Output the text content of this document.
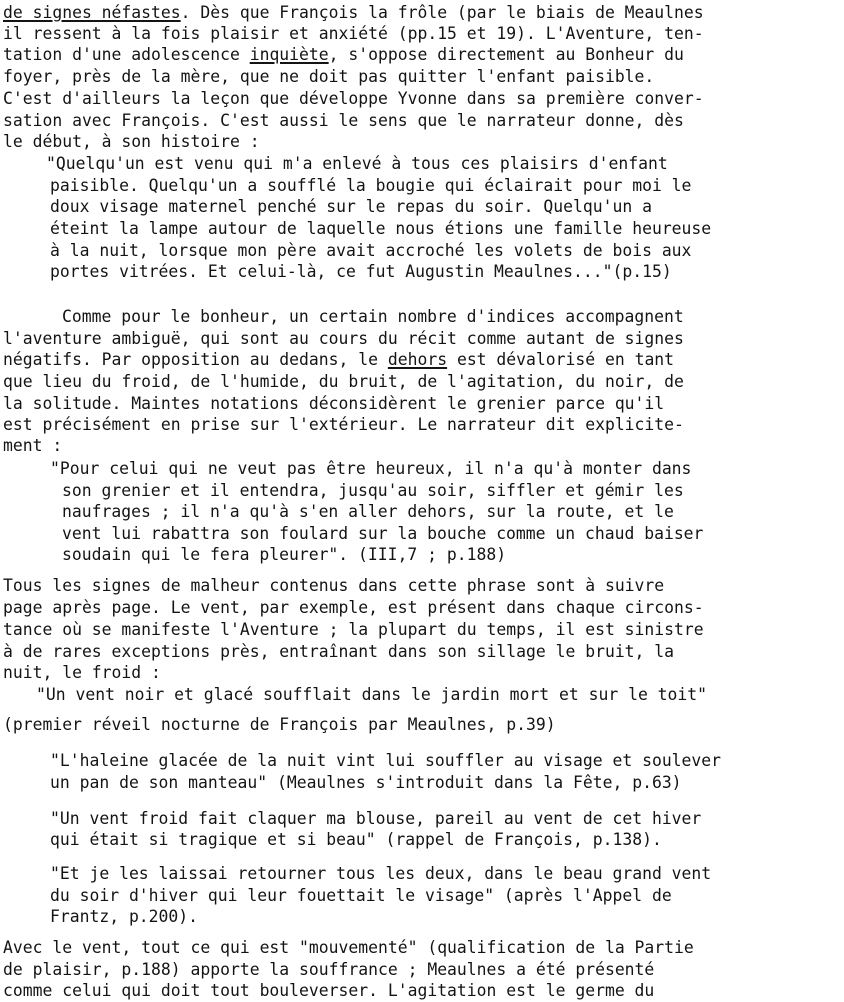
de signes néfastes. Dès que François la frôle (par le biais de Meaulnes
il ressent à la fois plaisir et anxiété (pp.15 et 19). L'Aventure, ten-
tation d'une adolescence inquiète, s'oppose directement au Bonheur du
foyer, près de la mère, que ne doit pas quitter l'enfant paisible.
C'est d'ailleurs la leçon que développe Yvonne dans sa première conver-
sation avec François. C'est aussi le sens que le narrateur donne, dès
le début, à son histoire :
"Quelqu'un est venu qui m'a enlevé à tous ces plaisirs d'enfant
paisible. Quelqu'un a soufflé la bougie qui éclairait pour moi le
doux visage maternel penché sur le repas du soir. Quelqu'un a
éteint la lampe autour de laquelle nous étions une famille heureuse
à la nuit, lorsque mon père avait accroché les volets de bois aux
portes vitrées. Et celui-là, ce fut Augustin Meaulnes..."(p.15)
Comme pour le bonheur, un certain nombre d'indices accompagnent
l'aventure ambiguë, qui sont au cours du récit comme autant de signes
négatifs. Par opposition au dedans, le dehors est dévalorisé en tant
que lieu du froid, de l'humide, du bruit, de l'agitation, du noir, de
la solitude. Maintes notations déconsidèrent le grenier parce qu'il
est précisément en prise sur l'extérieur. Le narrateur dit explicite-
ment :
"Pour celui qui ne veut pas être heureux, il n'a qu'à monter dans
son grenier et il entendra, jusqu'au soir, siffler et gémir les
naufrages ; il n'a qu'à s'en aller dehors, sur la route, et le
vent lui rabattra son foulard sur la bouche comme un chaud baiser
soudain qui le fera pleurer". (III,7 ; p.188)
Tous les signes de malheur contenus dans cette phrase sont à suivre
page après page. Le vent, par exemple, est présent dans chaque circons-
tance où se manifeste l'Aventure ; la plupart du temps, il est sinistre
à de rares exceptions près, entraînant dans son sillage le bruit, la
nuit, le froid :
"Un vent noir et glacé soufflait dans le jardin mort et sur le toit"
(premier réveil nocturne de François par Meaulnes, p.39)
"L'haleine glacée de la nuit vint lui souffler au visage et soulever
un pan de son manteau" (Meaulnes s'introduit dans la Fête, p.63)
"Un vent froid fait claquer ma blouse, pareil au vent de cet hiver
qui était si tragique et si beau" (rappel de François, p.138).
"Et je les laissai retourner tous les deux, dans le beau grand vent
du soir d'hiver qui leur fouettait le visage" (après l'Appel de
Frantz, p.200).
Avec le vent, tout ce qui est "mouvementé" (qualification de la Partie
de plaisir, p.188) apporte la souffrance ; Meaulnes a été présenté
comme celui qui doit tout bouleverser. L'agitation est le germe du
